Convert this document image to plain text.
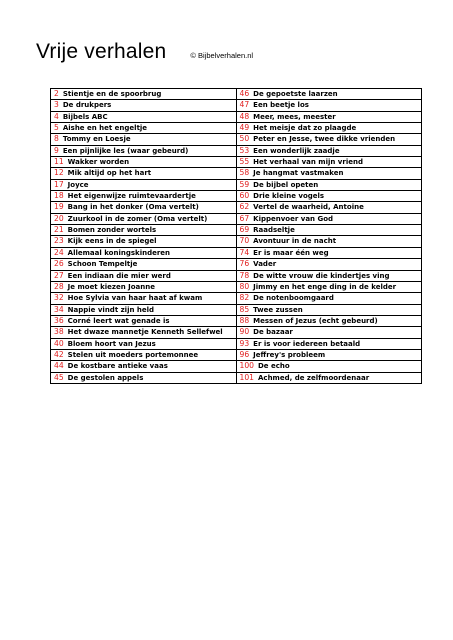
Vrije verhalen	© Bijbelverhalen.nl
2 Stientje en de spoorbrug	46 De gepoetste laarzen
3 De drukpers	47 Een beetje los
4 Bijbels ABC	48 Meer, mees, meester
5 Aishe en het engeltje	49 Het meisje dat zo plaagde
8 Tommy en Loesje	50 Peter en Jesse, twee dikke vrienden
9 Een pijnlijke les (waar gebeurd)	53 Een wonderlijk zaadje
11 Wakker worden	55 Het verhaal van mijn vriend
12 Mik altijd op het hart	58 Je hangmat vastmaken
17 Joyce	59 De bijbel opeten
18 Het eigenwijze ruimtevaardertje	60 Drie kleine vogels
19 Bang in het donker (Oma vertelt)	62 Vertel de waarheid, Antoine
20 Zuurkool in de zomer (Oma vertelt)	67 Kippenvoer van God
21 Bomen zonder wortels	69 Raadseltje
23 Kijk eens in de spiegel	70 Avontuur in de nacht
24 Allemaal koningskinderen	74 Er is maar één weg
26 Schoon Tempeltje	76 Vader
27 Een indiaan die mier werd	78 De witte vrouw die kindertjes ving
28 Je moet kiezen Joanne	80 Jimmy en het enge ding in de kelder
32 Hoe Sylvia van haar haat af kwam	82 De notenboomgaard
34 Nappie vindt zijn held	85 Twee zussen
36 Corné leert wat genade is	88 Messen of Jezus (echt gebeurd)
38 Het dwaze mannetje Kenneth Sellefwel	90 De bazaar
40 Bloem hoort van Jezus	93 Er is voor iedereen betaald
42 Stelen uit moeders portemonnee	96 Jeffrey's probleem
44 De kostbare antieke vaas	100 De echo
45 De gestolen appels	101 Achmed, de zelfmoordenaar
